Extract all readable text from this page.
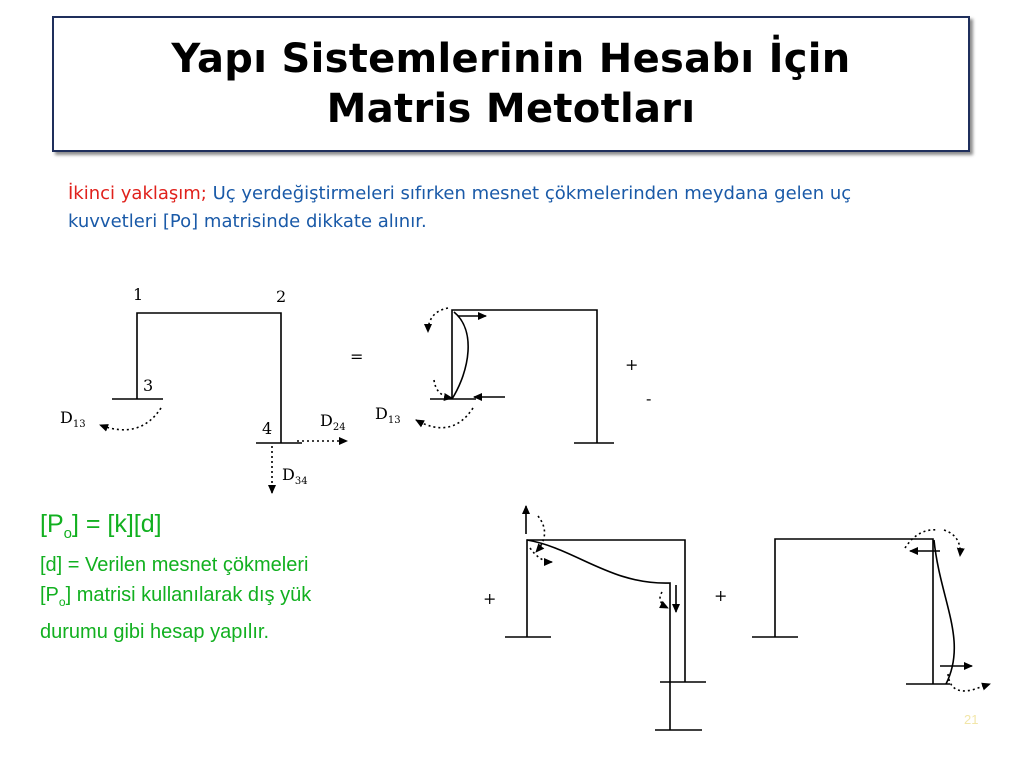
Yapı Sistemlerinin Hesabı İçin
Matris Metotları
İkinci yaklaşım; Uç yerdeğiştirmeleri sıfırken mesnet çökmelerinden meydana gelen uç kuvvetleri [Po] matrisinde dikkate alınır.
1	2
3
4
$D_{13}$	$D_{24}$
$D_{34}$
=
$D_{13}$
+
-
+	+
$[P_o] = [k][d]$
[d] = Verilen mesnet çökmeleri
$[P_o]$ matrisi kullanılarak dış yük
durumu gibi hesap yapılır.
21
